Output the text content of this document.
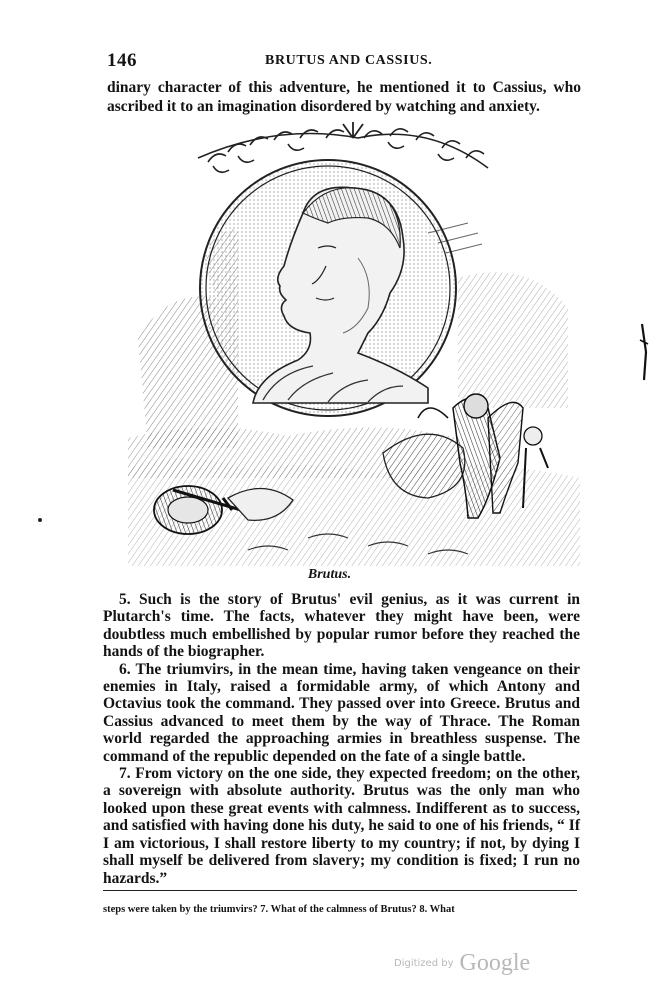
146	BRUTUS AND CASSIUS.

dinary character of this adventure, he mentioned it to Cassius, who ascribed it to an imagination disordered by watching and anxiety.

Brutus.

5. Such is the story of Brutus' evil genius, as it was current in Plutarch's time. The facts, whatever they might have been, were doubtless much embellished by popular rumor before they reached the hands of the biographer.

6. The triumvirs, in the mean time, having taken vengeance on their enemies in Italy, raised a formidable army, of which Antony and Octavius took the command. They passed over into Greece. Brutus and Cassius advanced to meet them by the way of Thrace. The Roman world regarded the approaching armies in breathless suspense. The command of the republic depended on the fate of a single battle.

7. From victory on the one side, they expected freedom; on the other, a sovereign with absolute authority. Brutus was the only man who looked upon these great events with calmness. Indifferent as to success, and satisfied with having done his duty, he said to one of his friends, “ If I am victorious, I shall restore liberty to my country; if not, by dying I shall myself be delivered from slavery; my condition is fixed; I run no hazards.”

steps were taken by the triumvirs? 7. What of the calmness of Brutus? 8. What
Digitized by Google
